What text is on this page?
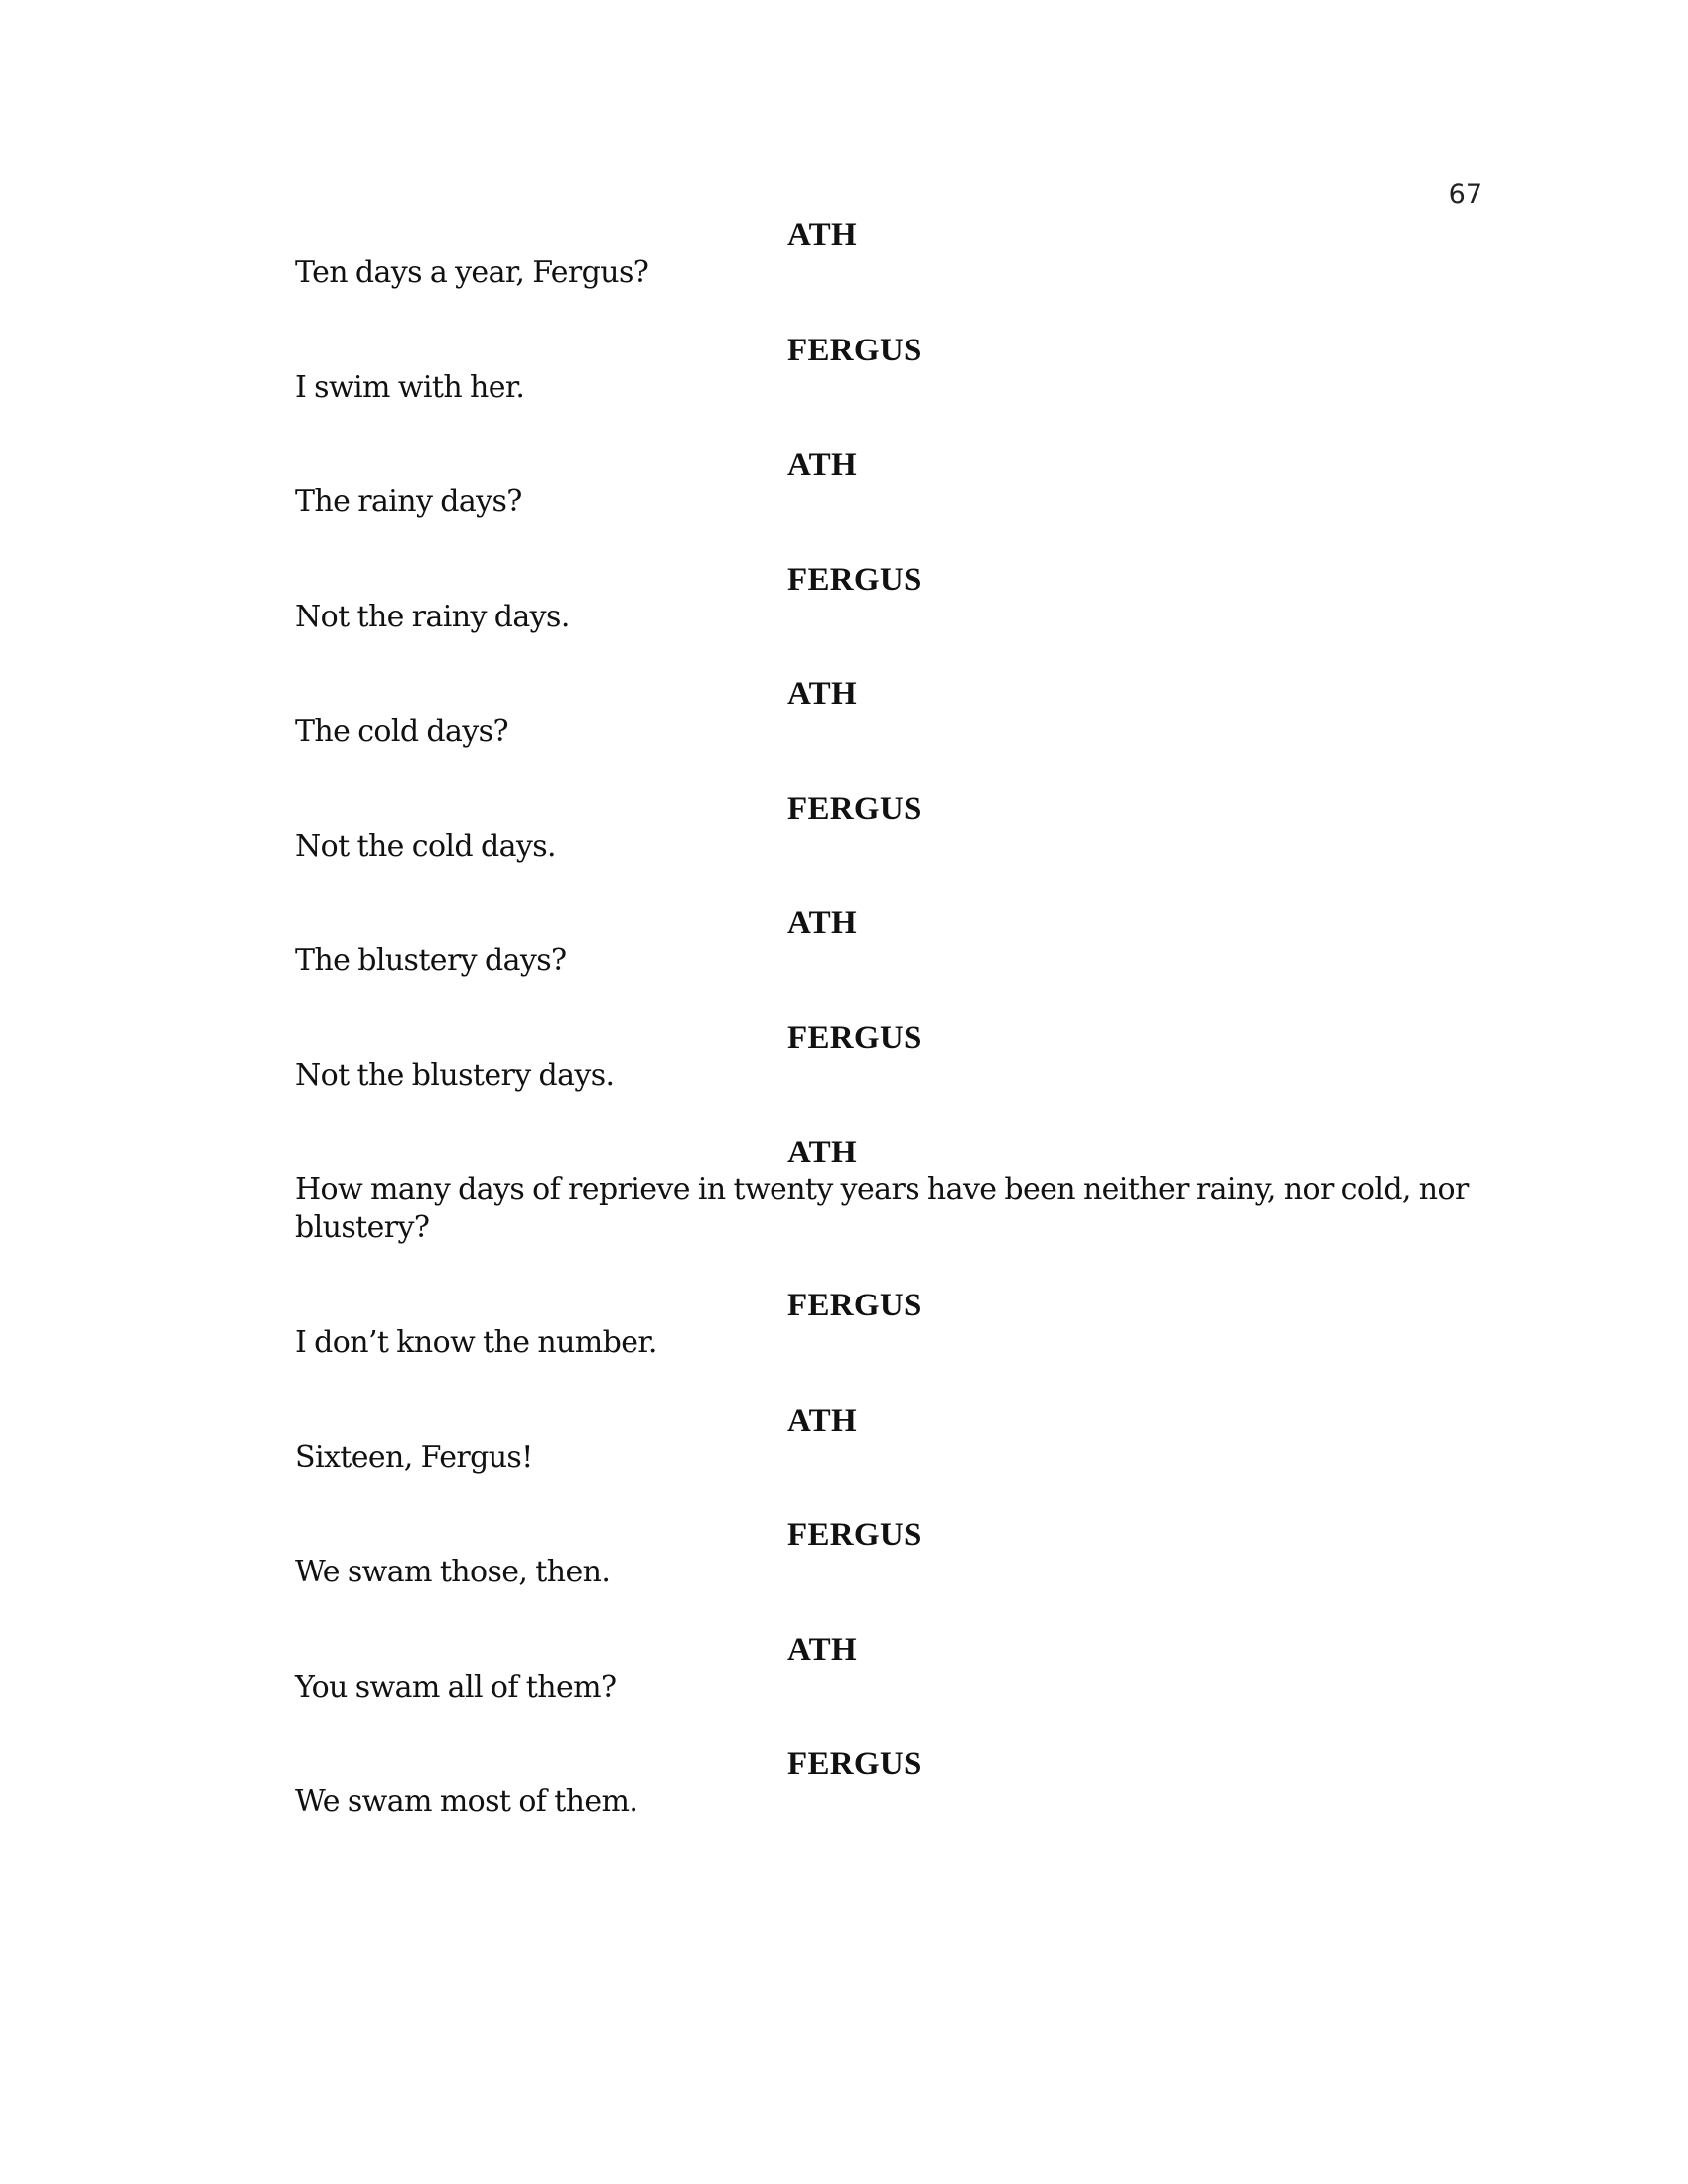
67
ATH
Ten days a year, Fergus?
FERGUS
I swim with her.
ATH
The rainy days?
FERGUS
Not the rainy days.
ATH
The cold days?
FERGUS
Not the cold days.
ATH
The blustery days?
FERGUS
Not the blustery days.
ATH
How many days of reprieve in twenty years have been neither rainy, nor cold, nor blustery?
FERGUS
I don’t know the number.
ATH
Sixteen, Fergus!
FERGUS
We swam those, then.
ATH
You swam all of them?
FERGUS
We swam most of them.
